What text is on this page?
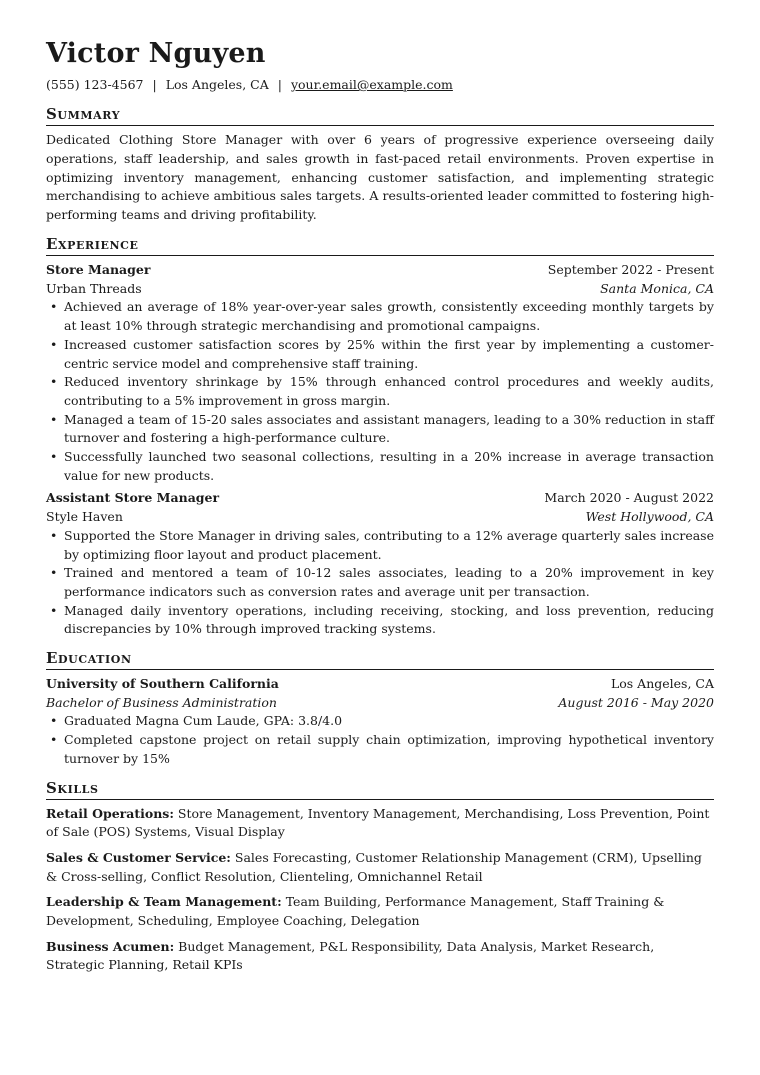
Victor Nguyen
(555) 123-4567 | Los Angeles, CA | your.email@example.com
Summary

Dedicated Clothing Store Manager with over 6 years of progressive experience overseeing daily operations, staff leadership, and sales growth in fast-paced retail environments. Proven expertise in optimizing inventory management, enhancing customer satisfaction, and implementing strategic merchandising to achieve ambitious sales targets. A results-oriented leader committed to fostering high-performing teams and driving profitability.

Experience
Store Manager	September 2022 - Present
Urban Threads	Santa Monica, CA
• Achieved an average of 18% year-over-year sales growth, consistently exceeding monthly targets by at least 10% through strategic merchandising and promotional campaigns.
• Increased customer satisfaction scores by 25% within the first year by implementing a customer-centric service model and comprehensive staff training.
• Reduced inventory shrinkage by 15% through enhanced control procedures and weekly audits, contributing to a 5% improvement in gross margin.
• Managed a team of 15-20 sales associates and assistant managers, leading to a 30% reduction in staff turnover and fostering a high-performance culture.
• Successfully launched two seasonal collections, resulting in a 20% increase in average transaction value for new products.
Assistant Store Manager	March 2020 - August 2022
Style Haven	West Hollywood, CA
• Supported the Store Manager in driving sales, contributing to a 12% average quarterly sales increase by optimizing floor layout and product placement.
• Trained and mentored a team of 10-12 sales associates, leading to a 20% improvement in key performance indicators such as conversion rates and average unit per transaction.
• Managed daily inventory operations, including receiving, stocking, and loss prevention, reducing discrepancies by 10% through improved tracking systems.
Education
University of Southern California	Los Angeles, CA
Bachelor of Business Administration	August 2016 - May 2020
• Graduated Magna Cum Laude, GPA: 3.8/4.0
• Completed capstone project on retail supply chain optimization, improving hypothetical inventory turnover by 15%
Skills

Retail Operations: Store Management, Inventory Management, Merchandising, Loss Prevention, Point of Sale (POS) Systems, Visual Display

Sales & Customer Service: Sales Forecasting, Customer Relationship Management (CRM), Upselling & Cross-selling, Conflict Resolution, Clienteling, Omnichannel Retail

Leadership & Team Management: Team Building, Performance Management, Staff Training & Development, Scheduling, Employee Coaching, Delegation

Business Acumen: Budget Management, P&L Responsibility, Data Analysis, Market Research, Strategic Planning, Retail KPIs
